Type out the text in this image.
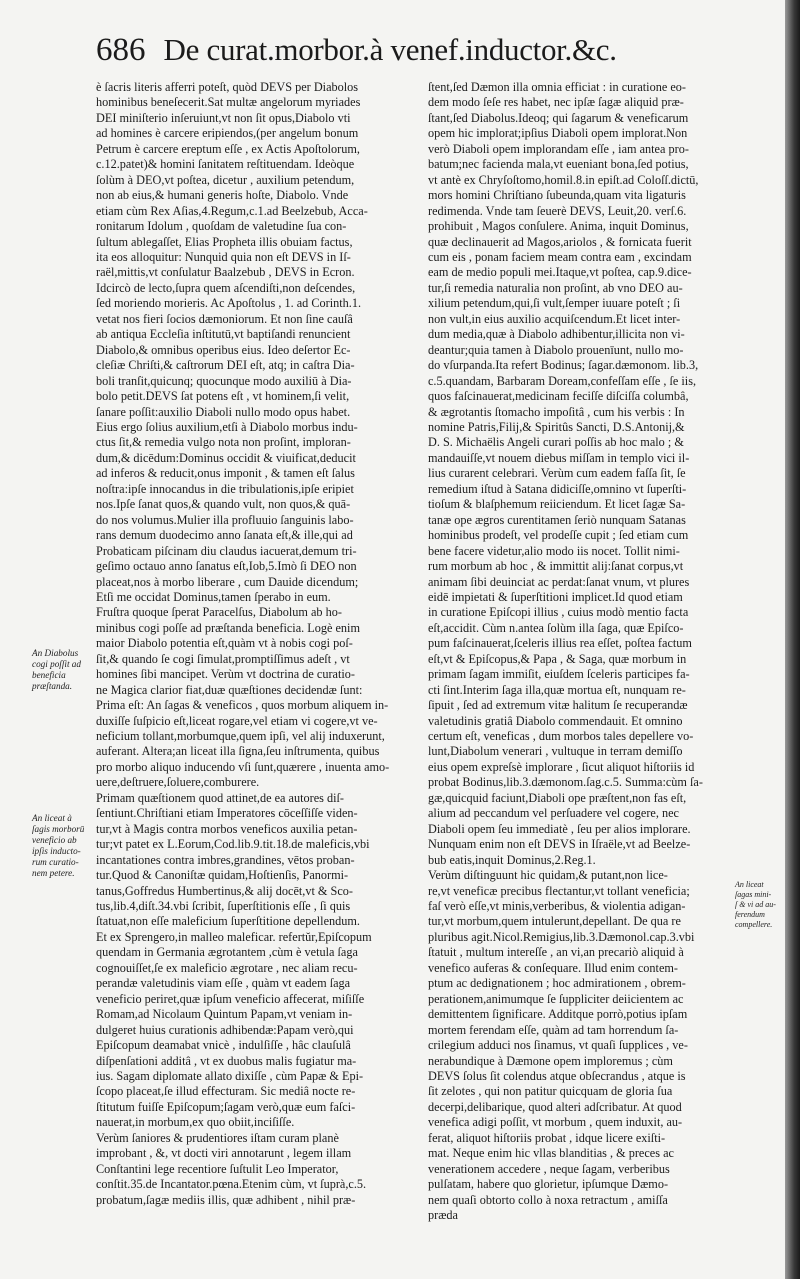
686 De curat.morbor.à venef.inductor.&c.
è ſacris literis afferri poteſt, quòd DEVS per Diabolos
hominibus beneſecerit.Sat multæ angelorum myriades
DEI miniſterio inſeruiunt,vt non ſit opus,Diabolo vti
ad homines è carcere eripiendos,(per angelum bonum
Petrum è carcere ereptum eſſe , ex Actis Apoſtolorum,
c.12.patet)& homini ſanitatem reſtituendam. Ideòque
ſolùm à DEO,vt poſtea, dicetur , auxilium petendum,
non ab eius,& humani generis hoſte, Diabolo. Vnde
etiam cùm Rex Aſias,4.Regum,c.1.ad Beelzebub, Acca-
ronitarum Idolum , quoſdam de valetudine ſua con-
ſultum ablegaſſet, Elias Propheta illis obuiam factus,
ita eos alloquitur: Nunquid quia non eſt DEVS in Iſ-
raël,mittis,vt conſulatur Baalzebub , DEVS in Ecron.
Idcircò de lecto,ſupra quem aſcendiſti,non deſcendes,
ſed moriendo morieris. Ac Apoſtolus , 1. ad Corinth.1.
vetat nos fieri ſocios dæmoniorum. Et non ſine cauſâ
ab antiqua Eccleſia inſtitutū,vt baptiſandi renuncient
Diabolo,& omnibus operibus eius. Ideo deſertor Ec-
cleſiæ Chriſti,& caſtrorum DEI eſt, atq; in caſtra Dia-
boli tranſit,quicunq; quocunque modo auxiliū à Dia-
bolo petit.DEVS ſat potens eſt , vt hominem,ſi velit,
ſanare poſſit:auxilio Diaboli nullo modo opus habet.
Eius ergo ſolius auxilium,etſi à Diabolo morbus indu-
ctus ſit,& remedia vulgo nota non proſint, imploran-
dum,& dicēdum:Dominus occidit & viuificat,deducit
ad inferos & reducit,onus imponit , & tamen eſt ſalus
noſtra:ipſe innocandus in die tribulationis,ipſe eripiet
nos.Ipſe ſanat quos,& quando vult, non quos,& quā-
do nos volumus.Mulier illa profluuio ſanguinis labo-
rans demum duodecimo anno ſanata eſt,& ille,qui ad
Probaticam piſcinam diu claudus iacuerat,demum tri-
geſimo octauo anno ſanatus eſt,Iob,5.Imò ſi DEO non
placeat,nos à morbo liberare , cum Dauide dicendum;
Etſi me occidat Dominus,tamen ſperabo in eum.
Fruſtra quoque ſperat Paracelſus, Diabolum ab ho-
minibus cogi poſſe ad præſtanda beneficia. Logè enim
maior Diabolo potentia eſt,quàm vt à nobis cogi poſ-
ſit,& quando ſe cogi ſimulat,promptiſſimus adeſt , vt
homines ſibi mancipet. Verùm vt doctrina de curatio-
ne Magica clarior fiat,duæ quæſtiones decidendæ ſunt:
Prima eſt: An ſagas & veneficos , quos morbum aliquem in-
duxiſſe ſuſpicio eſt,liceat rogare,vel etiam vi cogere,vt ve-
neficium tollant,morbumque,quem ipſi, vel alij induxerunt,
auferant. Altera;an liceat illa ſigna,ſeu inſtrumenta, quibus
pro morbo aliquo inducendo vſi ſunt,quærere , inuenta amo-
uere,deſtruere,ſoluere,comburere.
Primam quæſtionem quod attinet,de ea autores diſ-
ſentiunt.Chriſtiani etiam Imperatores cōceſſiſſe viden-
tur,vt à Magis contra morbos veneficos auxilia petan-
tur;vt patet ex L.Eorum,Cod.lib.9.tit.18.de maleficis,vbi
incantationes contra imbres,grandines, vētos proban-
tur.Quod & Canoniſtæ quidam,Hoſtienſis, Panormi-
tanus,Goffredus Humbertinus,& alij docēt,vt & Sco-
tus,lib.4,diſt.34.vbi ſcribit, ſuperſtitionis eſſe , ſi quis
ſtatuat,non eſſe maleficium ſuperſtitione depellendum.
Et ex Sprengero,in malleo maleficar. refertŭr,Epiſcopum
quendam in Germania ægrotantem ,cùm è vetula ſaga
cognouiſſet,ſe ex maleficio ægrotare , nec aliam recu-
perandæ valetudinis viam eſſe , quàm vt eadem ſaga
veneficio periret,quæ ipſum veneficio affecerat, miſiſſe
Romam,ad Nicolaum Quintum Papam,vt veniam in-
dulgeret huius curationis adhibendæ:Papam verò,qui
Epiſcopum deamabat vnicè , indulſiſſe , hâc clauſulâ
diſpenſationi additâ , vt ex duobus malis fugiatur ma-
ius. Sagam diplomate allato dixiſſe , cùm Papæ & Epi-
ſcopo placeat,ſe illud effecturam. Sic mediâ nocte re-
ſtitutum fuiſſe Epiſcopum;ſagam verò,quæ eum faſci-
nauerat,in morbum,ex quo obiit,inciſiſſe.
Verùm ſaniores & prudentiores iſtam curam planè
improbant , &, vt docti viri annotarunt , legem illam
Conſtantini lege recentiore ſuſtulit Leo Imperator,
conſtit.35.de Incantator.pœna.Etenim cùm, vt ſuprà,c.5.
probatum,ſagæ mediis illis, quæ adhibent , nihil præ-
ſtent,ſed Dæmon illa omnia efficiat : in curatione eo-
dem modo ſeſe res habet, nec ipſæ ſagæ aliquid præ-
ſtant,ſed Diabolus.Ideoq; qui ſagarum & veneficarum
opem hic implorat;ipſius Diaboli opem implorat.Non
verò Diaboli opem implorandam eſſe , iam antea pro-
batum;nec facienda mala,vt eueniant bona,ſed potius,
vt antè ex Chryſoſtomo,homil.8.in epiſt.ad Coloſſ.dictū,
mors homini Chriſtiano ſubeunda,quam vita ligaturis
redimenda. Vnde tam ſeuerè DEVS, Leuit,20. verſ.6.
prohibuit , Magos conſulere. Anima, inquit Dominus,
quæ declinauerit ad Magos,ariolos , & fornicata fuerit
cum eis , ponam faciem meam contra eam , excindam
eam de medio populi mei.Itaque,vt poſtea, cap.9.dice-
tur,ſi remedia naturalia non proſint, ab vno DEO au-
xilium petendum,qui,ſi vult,ſemper iuuare poteſt ; ſi
non vult,in eius auxilio acquiſcendum.Et licet inter-
dum media,quæ à Diabolo adhibentur,illicita non vi-
deantur;quia tamen à Diabolo prouenīunt, nullo mo-
do vſurpanda.Ita refert Bodinus; ſagar.dæmonom. lib.3,
c.5.quandam, Barbaram Doream,confeſſam eſſe , ſe iis,
quos faſcinauerat,medicinam feciſſe diſciſſa columbâ,
& ægrotantis ſtomacho impoſitâ , cum his verbis : In
nomine Patris,Filij,& Spiritûs Sancti, D.S.Antonij,&
D. S. Michaëlis Angeli curari poſſis ab hoc malo ; &
mandauiſſe,vt nouem diebus miſſam in templo vici il-
lius curarent celebrari. Verùm cum eadem faſſa ſit, ſe
remedium iſtud à Satana didiciſſe,omnino vt ſuperſti-
tioſum & blaſphemum reiiciendum. Et licet ſagæ Sa-
tanæ ope ægros curentitamen ſeriò nunquam Satanas
hominibus prodeſt, vel prodeſſe cupit ; ſed etiam cum
bene facere videtur,alio modo iis nocet. Tollit nimi-
rum morbum ab hoc , & immittit alij:ſanat corpus,vt
animam ſibi deuinciat ac perdat:ſanat vnum, vt plures
eidē impietati & ſuperſtitioni implicet.Id quod etiam
in curatione Epiſcopi illius , cuius modò mentio facta
eſt,accidit. Cùm n.antea ſolùm illa ſaga, quæ Epiſco-
pum faſcinauerat,ſceleris illius rea eſſet, poſtea factum
eſt,vt & Epiſcopus,& Papa , & Saga, quæ morbum in
primam ſagam immiſit, eiuſdem ſceleris participes fa-
cti ſint.Interim ſaga illa,quæ mortua eſt, nunquam re-
ſipuit , ſed ad extremum vitæ halitum ſe recuperandæ
valetudinis gratiâ Diabolo commendauit. Et omnino
certum eſt, veneficas , dum morbos tales depellere vo-
lunt,Diabolum venerari , vultuque in terram demiſſo
eius opem expreſsè implorare , ſicut aliquot hiſtoriis id
probat Bodinus,lib.3.dæmonom.ſag.c.5. Summa:cùm ſa-
gæ,quicquid faciunt,Diaboli ope præſtent,non fas eſt,
alium ad peccandum vel perſuadere vel cogere, nec
Diaboli opem ſeu immediatè , ſeu per alios implorare.
Nunquam enim non eſt DEVS in Iſraële,vt ad Beelze-
bub eatis,inquit Dominus,2.Reg.1.
Verùm diſtinguunt hic quidam,& putant,non lice-
re,vt veneficæ precibus flectantur,vt tollant veneficia;
faſ verò eſſe,vt minis,verberibus, & violentia adigan-
tur,vt morbum,quem intulerunt,depellant. De qua re
pluribus agit.Nicol.Remigius,lib.3.Dæmonol.cap.3.vbi
ſtatuit , multum intereſſe , an vi,an precariò aliquid à
venefico auferas & conſequare. Illud enim contem-
ptum ac dedignationem ; hoc admirationem , obrem-
perationem,animumque ſe ſuppliciter deiicientem ac
demittentem ſignificare. Additque porrò,potius ipſam
mortem ferendam eſſe, quàm ad tam horrendum ſa-
crilegium adduci nos ſinamus, vt quaſi ſupplices , ve-
nerabundique à Dæmone opem imploremus ; cùm
DEVS ſolus ſit colendus atque obſecrandus , atque is
ſit zelotes , qui non patitur quicquam de gloria ſua
decerpi,delibarique, quod alteri adſcribatur. At quod
venefica adigi poſſit, vt morbum , quem induxit, au-
ferat, aliquot hiſtoriis probat , idque licere exiſti-
mat. Neque enim hic vllas blanditias , & preces ac
venerationem accedere , neque ſagam, verberibus
pulſatam, habere quo glorietur, ipſumque Dæmo-
nem quaſi obtorto collo à noxa retractum , amiſſa
præda
An Diabolus
cogi poſſit ad
beneficia
præſtanda.
An liceat à
ſagis morborū
veneficio ab
ipſis inducto-
rum curatio-
nem petere.
An liceat
ſagas mini-
ſ & vi ad au-
ferendum
compellere.
